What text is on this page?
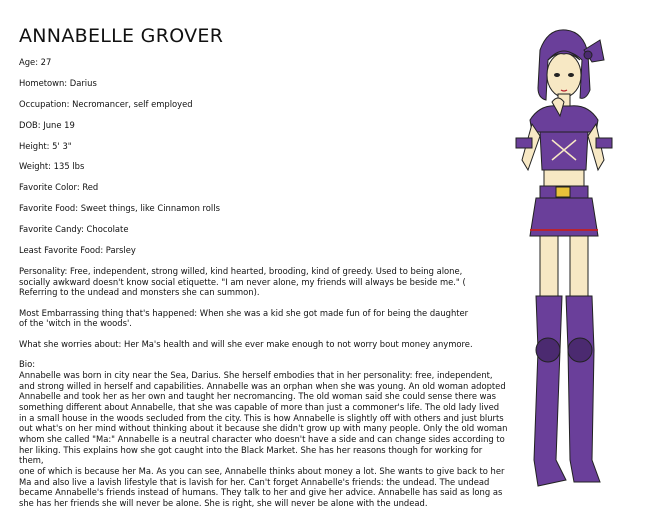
ANNABELLE GROVER
Age: 27
Hometown: Darius
Occupation: Necromancer, self employed
DOB: June 19
Height: 5' 3"
Weight: 135 lbs
Favorite Color: Red
Favorite Food: Sweet things, like Cinnamon rolls
Favorite Candy: Chocolate
Least Favorite Food: Parsley
Personality: Free, independent, strong willed, kind hearted, brooding, kind of greedy. Used to being alone,
socially awkward doesn't know social etiquette. "I am never alone, my friends will always be beside me." (
Referring to the undead and monsters she can summon).
Most Embarrassing thing that's happened: When she was a kid she got made fun of for being the daughter
of the 'witch in the woods'.
What she worries about: Her Ma's health and will she ever make enough to not worry bout money anymore.
Bio:
Annabelle was born in city near the Sea, Darius. She herself embodies that in her personality: free, independent,
and strong willed in herself and capabilities. Annabelle was an orphan when she was young. An old woman adopted
Annabelle and took her as her own and taught her necromancing. The old woman said she could sense there was
something different about Annabelle, that she was capable of more than just a commoner's life. The old lady lived
in a small house in the woods secluded from the city. This is how Annabelle is slightly off with others and just blurts
out what's on her mind without thinking about it because she didn't grow up with many people. Only the old woman
whom she called "Ma:" Annabelle is a neutral character who doesn't have a side and can change sides according to
her liking. This explains how she got caught into the Black Market. She has her reasons though for working for them,
one of which is because her Ma. As you can see, Annabelle thinks about money a lot. She wants to give back to her
Ma and also live a lavish lifestyle that is lavish for her. Can't forget Annabelle's friends: the undead. The undead
became Annabelle's friends instead of humans. They talk to her and give her advice. Annabelle has said as long as
she has her friends she will never be alone. She is right, she will never be alone with the undead.
